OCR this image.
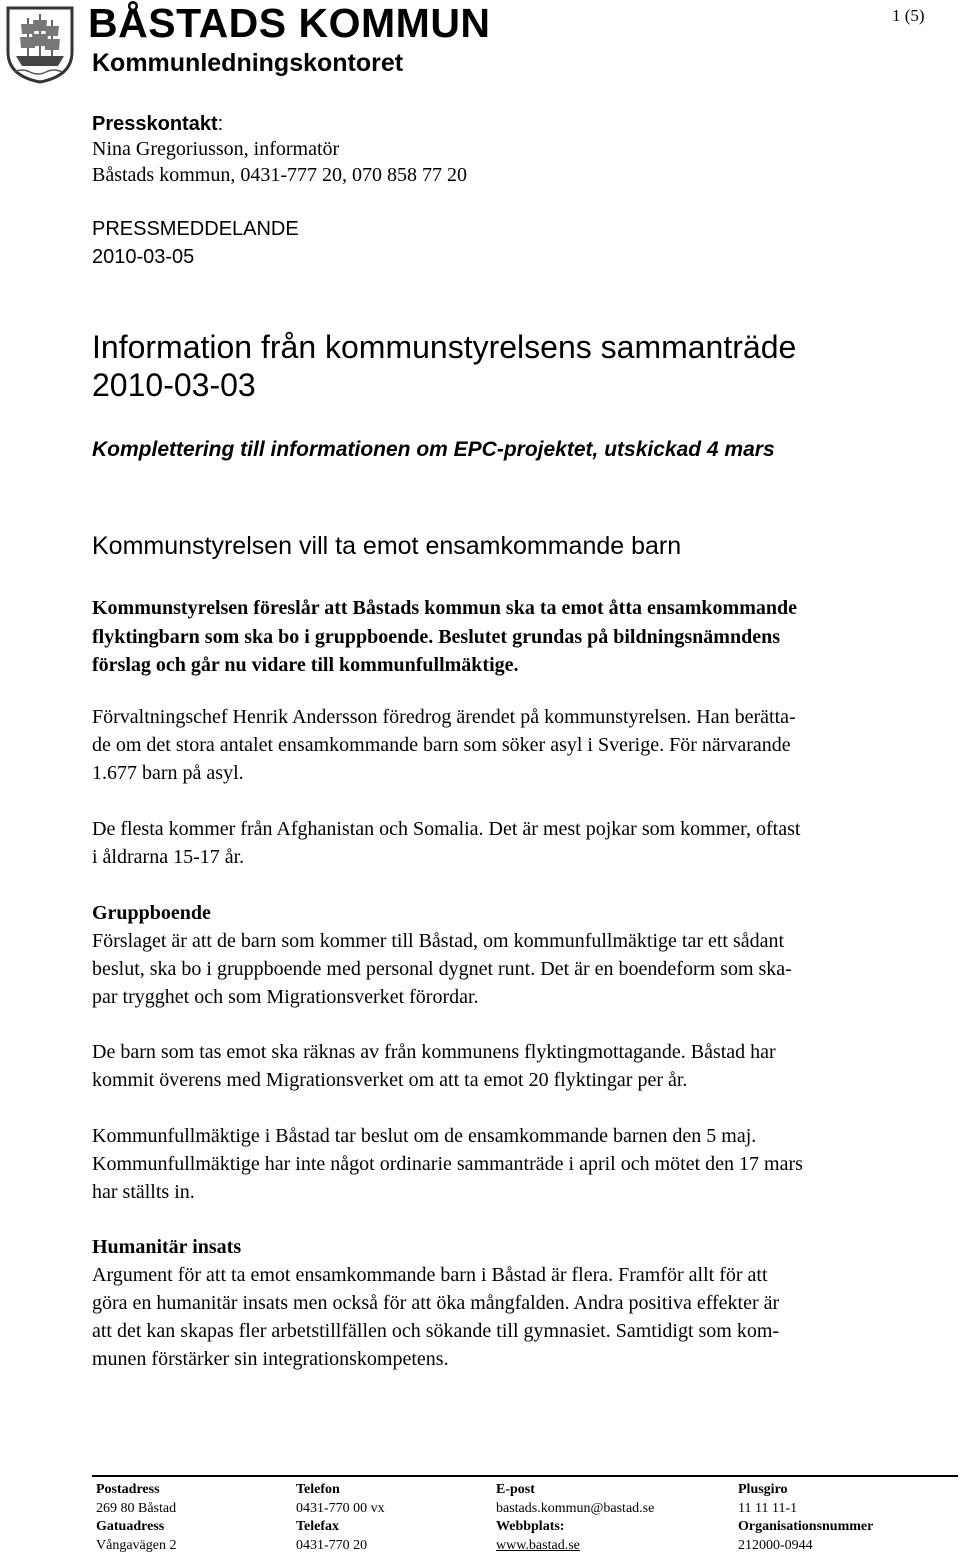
BÅSTADS KOMMUN
Kommunledningskontoret
1 (5)
Presskontakt:
Nina Gregoriusson, informatör
Båstads kommun, 0431-777 20, 070 858 77 20
PRESSMEDDELANDE
2010-03-05
Information från kommunstyrelsens sammanträde
2010-03-03
Komplettering till informationen om EPC-projektet, utskickad 4 mars
Kommunstyrelsen vill ta emot ensamkommande barn
Kommunstyrelsen föreslår att Båstads kommun ska ta emot åtta ensamkommande
flyktingbarn som ska bo i gruppboende. Beslutet grundas på bildningsnämndens
förslag och går nu vidare till kommunfullmäktige.
Förvaltningschef Henrik Andersson föredrog ärendet på kommunstyrelsen. Han berätta-
de om det stora antalet ensamkommande barn som söker asyl i Sverige. För närvarande
1.677 barn på asyl.
De flesta kommer från Afghanistan och Somalia. Det är mest pojkar som kommer, oftast
i åldrarna 15-17 år.
Gruppboende
Förslaget är att de barn som kommer till Båstad, om kommunfullmäktige tar ett sådant
beslut, ska bo i gruppboende med personal dygnet runt. Det är en boendeform som ska-
par trygghet och som Migrationsverket förordar.
De barn som tas emot ska räknas av från kommunens flyktingmottagande. Båstad har
kommit överens med Migrationsverket om att ta emot 20 flyktingar per år.
Kommunfullmäktige i Båstad tar beslut om de ensamkommande barnen den 5 maj.
Kommunfullmäktige har inte något ordinarie sammanträde i april och mötet den 17 mars
har ställts in.
Humanitär insats
Argument för att ta emot ensamkommande barn i Båstad är flera. Framför allt för att
göra en humanitär insats men också för att öka mångfalden. Andra positiva effekter är
att det kan skapas fler arbetstillfällen och sökande till gymnasiet. Samtidigt som kom-
munen förstärker sin integrationskompetens.
Postadress
269 80 Båstad
Gatuadress
Vångavägen 2
Telefon
0431-770 00 vx
Telefax
0431-770 20
E-post
bastads.kommun@bastad.se
Webbplats:
www.bastad.se
Plusgiro
11 11 11-1
Organisationsnummer
212000-0944
